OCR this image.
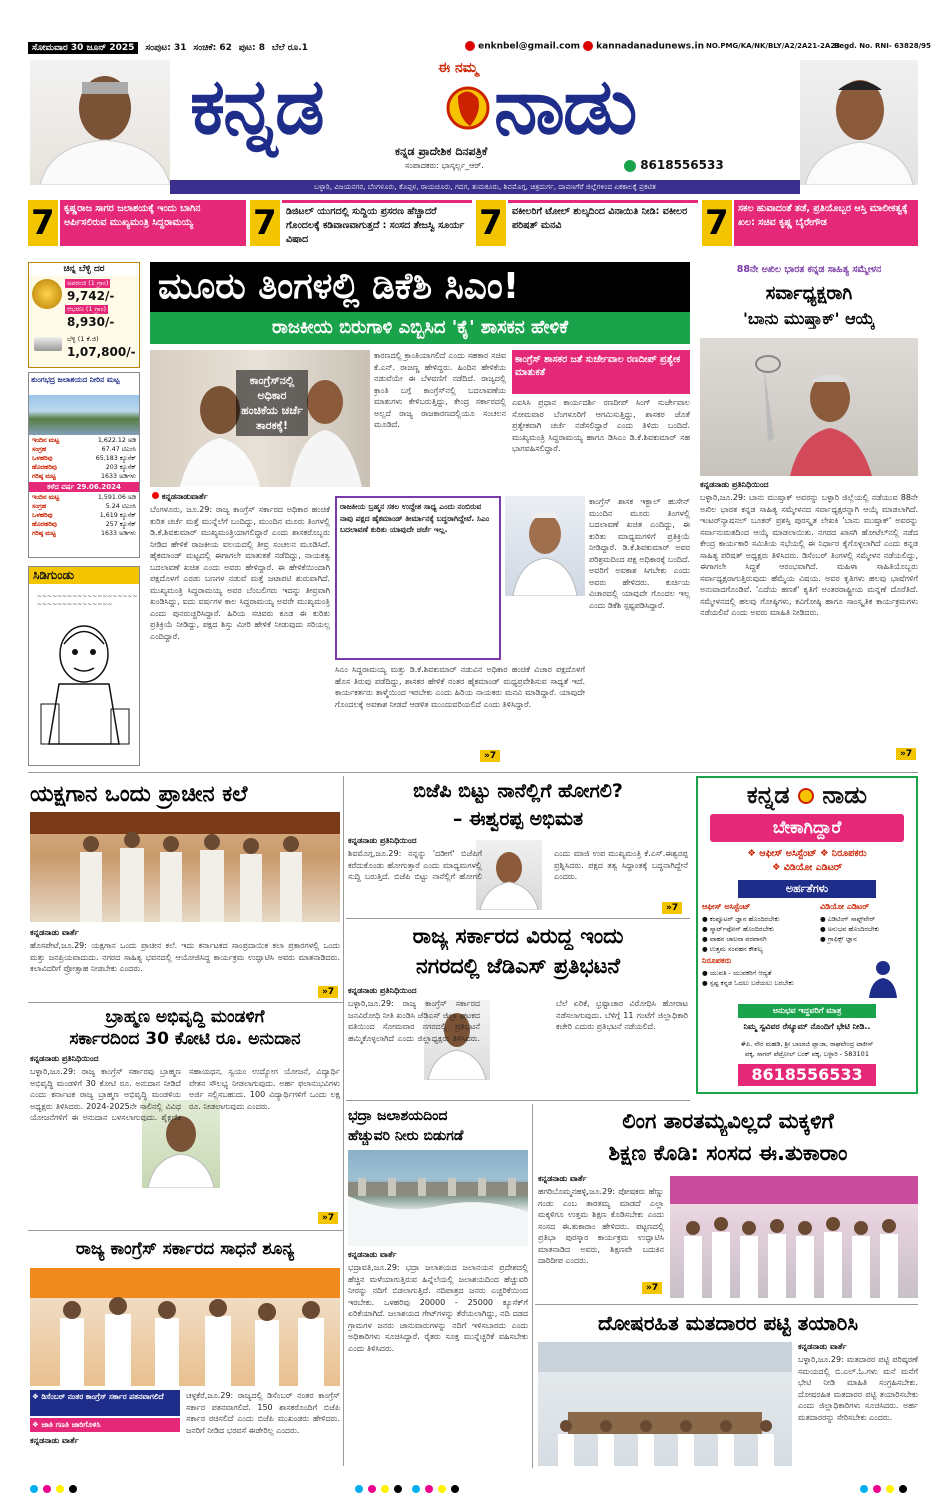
ಸೋಮವಾರ 30 ಜೂನ್ 2025 ಸಂಪುಟ: 31 ಸಂಚಿಕೆ: 62 ಪುಟ: 8 ಬೆಲೆ ರೂ.1	enknbel@gmail.com	kannadanadunews.in NO.PMG/KA/NK/BLY/A2/2A21-2A23
Regd. No. RNI- 63828/95
ಕನ್ನಡ	ಈ ನಮ್ಮ ನಾಡು
ಕನ್ನಡ ಪ್ರಾದೇಶಿಕ ದಿನಪತ್ರಿಕೆ
ಸಂಪಾದಕರು: ಭಾಸ್ಕರ್ಲ್ಲ_ಆರ್.	8618556533
ಬಳ್ಳಾರಿ, ವಿಜಯನಗರ, ಬೆಂಗಳೂರು, ಕೊಪ್ಪಳ, ರಾಯಚೂರು, ಗದಗ, ತುಮಕೂರು, ಶಿವಮೊಗ್ಗ, ಚಿತ್ರದುರ್ಗ, ದಾವಣಗೆರೆ ಜಿಲ್ಲೆಗಳಿಂದ ಏಕಕಾಲಕ್ಕೆ ಪ್ರಕಟಿತ
7 ಕೃಷ್ಣರಾಜ ಸಾಗರ ಜಲಾಶಯಕ್ಕೆ ಇಂದು ಬಾಗಿನ ಅರ್ಪಿಸಲಿರುವ ಮುಖ್ಯಮಂತ್ರಿ ಸಿದ್ದರಾಮಯ್ಯ	7 ಡಿಜಿಟಲ್ ಯುಗದಲ್ಲಿ ಸುದ್ದಿಯ ಪ್ರಸರಣ ಹೆಚ್ಚಾದರೆ ಗೊಂದಲಕ್ಕೆ ಕಡಿವಾಣವಾಗುತ್ತದೆ : ಸಂಸದ ತೇಜಸ್ವಿ ಸೂರ್ಯ ವಿಷಾದ	7 ವಕೀಲರಿಗೆ ಟೋಲ್ ಶುಲ್ಕದಿಂದ ವಿನಾಯಿತಿ ನೀಡಿ: ವಕೀಲರ ಪರಿಷತ್ ಮನವಿ	7 ಸಕಲ ಹುವಾದಂತೆ ತಡೆ, ಪ್ರತಿಯೊಬ್ಬರ ಆಸ್ತಿ ಮಾಲೀಕತ್ವಕ್ಕೆ ಖಲ: ಸಚಿವ ಕೃಷ್ಣ ಬೈರೇಗೌಡ
ಚಿನ್ನ ಬೆಳ್ಳಿ ದರ
ಅಪರಂಜಿ (1 ಗ್ರಾಂ)
9,742/-
ಆಭರಣ (1 ಗ್ರಾಂ)
8,930/-
ಬೆಳ್ಳಿ (1 ಕೆ.ಜಿ)
1,07,800/-
ತುಂಗಭದ್ರ ಜಲಾಶಯದ ನೀರಿನ ಮಟ್ಟ
ಇಂದಿನ ಮಟ್ಟ	1,622.12 ಅಡಿ
ಸಂಗ್ರಹ	67.47 ಟಿಎಂಸಿ
ಒಳಹರಿವು	65,183 ಕ್ಯೂಸೆಕ್
ಹೊರಹರಿವು	203 ಕ್ಯೂಸೆಕ್
ಗರಿಷ್ಠ ಮಟ್ಟ	1633 ಅಡಿಗಳು
ಕಳೆದ ವರ್ಷ 29.06.2024
ಇಂದಿನ ಮಟ್ಟ	1,591.06 ಅಡಿ
ಸಂಗ್ರಹ	5.24 ಟಿಎಂಸಿ
ಒಳಹರಿವು	1,619 ಕ್ಯೂಸೆಕ್
ಹೊರಹರಿವು	257 ಕ್ಯೂಸೆಕ್
ಗರಿಷ್ಠ ಮಟ್ಟ	1633 ಅಡಿಗಳು
ಸಿಡಿಗುಂಡು
~~~~~~~~~~~~~~~~~~~~
~~~~~~~~~~~~~~~
ಮೂರು ತಿಂಗಳಲ್ಲಿ ಡಿಕೆಶಿ ಸಿಎಂ!
ರಾಜಕೀಯ ಬಿರುಗಾಳಿ ಎಬ್ಬಿಸಿದ 'ಕೈ' ಶಾಸಕನ ಹೇಳಿಕೆ
ಕಾಂಗ್ರೆಸ್‌ನಲ್ಲಿ ಅಧಿಕಾರ ಹಂಚಿಕೆಯ ಚರ್ಚೆ ತಾರಕಕ್ಕೆ!
ಕನ್ನಡನಾಡುವಾರ್ತೆ
ಬೆಂಗಳೂರು, ಜೂ.29: ರಾಜ್ಯ ಕಾಂಗ್ರೆಸ್ ಸರ್ಕಾರದ ಅಧಿಕಾರ ಹಂಚಿಕೆ ಕುರಿತ ಚರ್ಚೆ ಮತ್ತೆ ಮುನ್ನೆಲೆಗೆ ಬಂದಿದ್ದು, ಮುಂದಿನ ಮೂರು ತಿಂಗಳಲ್ಲಿ ಡಿ.ಕೆ.ಶಿವಕುಮಾರ್ ಮುಖ್ಯಮಂತ್ರಿಯಾಗಲಿದ್ದಾರೆ ಎಂದು ಶಾಸಕರೊಬ್ಬರು ನೀಡಿದ ಹೇಳಿಕೆ ರಾಜಕೀಯ ವಲಯದಲ್ಲಿ ತೀವ್ರ ಸಂಚಲನ ಮೂಡಿಸಿದೆ. ಹೈಕಮಾಂಡ್ ಮಟ್ಟದಲ್ಲಿ ಈಗಾಗಲೇ ಮಾತುಕತೆ ನಡೆದಿದ್ದು, ನಾಯಕತ್ವ ಬದಲಾವಣೆ ಖಚಿತ ಎಂದು ಅವರು ಹೇಳಿದ್ದಾರೆ. ಈ ಹೇಳಿಕೆಯಿಂದಾಗಿ ಪಕ್ಷದೊಳಗೆ ಎರಡು ಬಣಗಳ ನಡುವೆ ಮತ್ತೆ ಜಟಾಪಟಿ ಶುರುವಾಗಿದೆ. ಮುಖ್ಯಮಂತ್ರಿ ಸಿದ್ದರಾಮಯ್ಯ ಅವರ ಬೆಂಬಲಿಗರು ಇದನ್ನು ತೀವ್ರವಾಗಿ ಖಂಡಿಸಿದ್ದು, ಐದು ವರ್ಷಗಳ ಕಾಲ ಸಿದ್ದರಾಮಯ್ಯ ಅವರೇ ಮುಖ್ಯಮಂತ್ರಿ ಎಂದು ಪುನರುಚ್ಚರಿಸಿದ್ದಾರೆ. ಹಿರಿಯ ಸಚಿವರು ಕೂಡ ಈ ಕುರಿತು ಪ್ರತಿಕ್ರಿಯೆ ನೀಡಿದ್ದು, ಪಕ್ಷದ ಶಿಸ್ತು ಮೀರಿ ಹೇಳಿಕೆ ನೀಡುವುದು ಸರಿಯಲ್ಲ ಎಂದಿದ್ದಾರೆ.
ಕಾರಣದಲ್ಲಿ ಕ್ರಾಂತಿಯಾಗಲಿದೆ ಎಂದು ಸಹಕಾರ ಸಚಿವ ಕೆ.ಎನ್. ರಾಜಣ್ಣ ಹೇಳಿದ್ದರು. ಹಿಂದಿನ ಹೇಳಿಕೆಯ ನಡುವೆಯೇ ಈ ಬೆಳವಣಿಗೆ ನಡೆದಿದೆ. ರಾಜ್ಯದಲ್ಲಿ ಕ್ರಾಂತಿ ಬಗ್ಗೆ ಕಾಂಗ್ರೆಸ್‌ನಲ್ಲಿ ಬದಲಾವಣೆಯ ಮಾತುಗಳು ಕೇಳಿಬರುತ್ತಿದ್ದು, ಕೇಂದ್ರ ಸರ್ಕಾರದಲ್ಲಿ ಅಲ್ಲದೆ ರಾಜ್ಯ ರಾಜಕಾರಣದಲ್ಲಿಯೂ ಸಂಚಲನ ಮೂಡಿದೆ.
ಕಾಂಗ್ರೆಸ್ ಶಾಸಕರ ಜತೆ ಸುರ್ಜೇವಾಲ ರಣದೀಪ್ ಪ್ರತ್ಯೇಕ ಮಾತುಕತೆ
ಎಐಸಿಸಿ ಪ್ರಧಾನ ಕಾರ್ಯದರ್ಶಿ ರಣದೀಪ್ ಸಿಂಗ್ ಸುರ್ಜೇವಾಲ ಸೋಮವಾರ ಬೆಂಗಳೂರಿಗೆ ಆಗಮಿಸುತ್ತಿದ್ದು, ಶಾಸಕರ ಜೊತೆ ಪ್ರತ್ಯೇಕವಾಗಿ ಚರ್ಚೆ ನಡೆಸಲಿದ್ದಾರೆ ಎಂದು ತಿಳಿದು ಬಂದಿದೆ. ಮುಖ್ಯಮಂತ್ರಿ ಸಿದ್ದರಾಮಯ್ಯ ಹಾಗೂ ಡಿಸಿಎಂ ಡಿ.ಕೆ.ಶಿವಕುಮಾರ್ ಸಹ ಭಾಗವಹಿಸಲಿದ್ದಾರೆ.
ರಾಜಕೀಯ ಬ್ರಹ್ಮನ ಸಕಲ ಉದ್ದೇಶ ಸಾಧ್ಯ ಎಂದು ನಂಬಿರುವ ನಾವು ಪಕ್ಷದ ಹೈಕಮಾಂಡ್ ತೀರ್ಮಾನಕ್ಕೆ ಬದ್ಧರಾಗಿದ್ದೇವೆ. ಸಿಎಂ ಬದಲಾವಣೆ ಕುರಿತು ಯಾವುದೇ ಚರ್ಚೆ ಇಲ್ಲ.
ಕಾಂಗ್ರೆಸ್ ಶಾಸಕ ಇಕ್ಬಾಲ್ ಹುಸೇನ್ ಮುಂದಿನ ಮೂರು ತಿಂಗಳಲ್ಲಿ ಬದಲಾವಣೆ ಖಚಿತ ಎಂದಿದ್ದು, ಈ ಕುರಿತು ಮಾಧ್ಯಮಗಳಿಗೆ ಪ್ರತಿಕ್ರಿಯೆ ನೀಡಿದ್ದಾರೆ. ಡಿ.ಕೆ.ಶಿವಕುಮಾರ್ ಅವರ ಪರಿಶ್ರಮದಿಂದ ಪಕ್ಷ ಅಧಿಕಾರಕ್ಕೆ ಬಂದಿದೆ. ಅವರಿಗೆ ಅವಕಾಶ ಸಿಗಬೇಕು ಎಂದು ಅವರು ಹೇಳಿದರು. ಕುರ್ಚಿಯ ವಿಚಾರದಲ್ಲಿ ಯಾವುದೇ ಗೊಂದಲ ಇಲ್ಲ ಎಂದು ಡಿಕೆಶಿ ಸ್ಪಷ್ಟಪಡಿಸಿದ್ದಾರೆ.
ಸಿಎಂ ಸಿದ್ದರಾಮಯ್ಯ ಮತ್ತು ಡಿ.ಕೆ.ಶಿವಕುಮಾರ್ ನಡುವಿನ ಅಧಿಕಾರ ಹಂಚಿಕೆ ವಿಚಾರ ಪಕ್ಷದೊಳಗೆ ಹೊಸ ತಿರುವು ಪಡೆದಿದ್ದು, ಶಾಸಕರ ಹೇಳಿಕೆ ನಂತರ ಹೈಕಮಾಂಡ್ ಮಧ್ಯಪ್ರವೇಶಿಸುವ ಸಾಧ್ಯತೆ ಇದೆ. ಕಾರ್ಯಕರ್ತರು ತಾಳ್ಮೆಯಿಂದ ಇರಬೇಕು ಎಂದು ಹಿರಿಯ ನಾಯಕರು ಮನವಿ ಮಾಡಿದ್ದಾರೆ. ಯಾವುದೇ ಗೊಂದಲಕ್ಕೆ ಅವಕಾಶ ನೀಡದೆ ಆಡಳಿತ ಮುಂದುವರಿಯಲಿದೆ ಎಂದು ತಿಳಿಸಿದ್ದಾರೆ.
»7
88ನೇ ಅಖಿಲ ಭಾರತ ಕನ್ನಡ ಸಾಹಿತ್ಯ ಸಮ್ಮೇಳನ
ಸರ್ವಾಧ್ಯಕ್ಷರಾಗಿ
'ಬಾನು ಮುಷ್ತಾಕ್' ಆಯ್ಕೆ
ಕನ್ನಡನಾಡು ಪ್ರತಿನಿಧಿಯಿಂದ
ಬಳ್ಳಾರಿ,ಜೂ.29: ಬಾನು ಮುಷ್ತಾಕ್ ಅವರನ್ನು ಬಳ್ಳಾರಿ ಜಿಲ್ಲೆಯಲ್ಲಿ ನಡೆಯುವ 88ನೇ ಅಖಿಲ ಭಾರತ ಕನ್ನಡ ಸಾಹಿತ್ಯ ಸಮ್ಮೇಳನದ ಸರ್ವಾಧ್ಯಕ್ಷರನ್ನಾಗಿ ಆಯ್ಕೆ ಮಾಡಲಾಗಿದೆ. ಇಂಟರ್‌ನ್ಯಾಷನಲ್ ಬೂಕರ್ ಪ್ರಶಸ್ತಿ ಪುರಸ್ಕೃತ ಲೇಖಕಿ 'ಬಾನು ಮುಷ್ತಾಕ್' ಅವರನ್ನು ಸರ್ವಾನುಮತದಿಂದ ಆಯ್ಕೆ ಮಾಡಲಾಯಿತು. ನಗರದ ಖಾಸಗಿ ಹೋಟೆಲ್‌ನಲ್ಲಿ ನಡೆದ ಕೇಂದ್ರ ಕಾರ್ಯಕಾರಿ ಸಮಿತಿಯ ಸಭೆಯಲ್ಲಿ ಈ ನಿರ್ಧಾರ ಕೈಗೊಳ್ಳಲಾಗಿದೆ ಎಂದು ಕನ್ನಡ ಸಾಹಿತ್ಯ ಪರಿಷತ್ ಅಧ್ಯಕ್ಷರು ತಿಳಿಸಿದರು. ಡಿಸೆಂಬರ್ ತಿಂಗಳಲ್ಲಿ ಸಮ್ಮೇಳನ ನಡೆಯಲಿದ್ದು, ಈಗಾಗಲೇ ಸಿದ್ಧತೆ ಆರಂಭವಾಗಿದೆ. ಮಹಿಳಾ ಸಾಹಿತಿಯೊಬ್ಬರು ಸರ್ವಾಧ್ಯಕ್ಷರಾಗುತ್ತಿರುವುದು ಹೆಮ್ಮೆಯ ವಿಷಯ. ಅವರ ಕೃತಿಗಳು ಹಲವು ಭಾಷೆಗಳಿಗೆ ಅನುವಾದಗೊಂಡಿವೆ. 'ಎದೆಯ ಹಣತೆ' ಕೃತಿಗೆ ಅಂತರರಾಷ್ಟ್ರೀಯ ಮನ್ನಣೆ ದೊರೆತಿದೆ. ಸಮ್ಮೇಳನದಲ್ಲಿ ಹಲವು ಗೋಷ್ಠಿಗಳು, ಕವಿಗೋಷ್ಠಿ ಹಾಗೂ ಸಾಂಸ್ಕೃತಿಕ ಕಾರ್ಯಕ್ರಮಗಳು ನಡೆಯಲಿವೆ ಎಂದು ಅವರು ಮಾಹಿತಿ ನೀಡಿದರು.
»7
ಯಕ್ಷಗಾನ ಒಂದು ಪ್ರಾಚೀನ ಕಲೆ
ಕನ್ನಡನಾಡು ವಾರ್ತೆ
ಹೊಸಪೇಟೆ,ಜೂ.29: ಯಕ್ಷಗಾನ ಒಂದು ಪ್ರಾಚೀನ ಕಲೆ. ಇದು ಕರ್ನಾಟಕದ ಸಾಂಪ್ರದಾಯಿಕ ಕಲಾ ಪ್ರಕಾರಗಳಲ್ಲಿ ಒಂದು ಮತ್ತು ಜನಪ್ರಿಯವಾದುದು. ನಗರದ ಸಾಹಿತ್ಯ ಭವನದಲ್ಲಿ ಆಯೋಜಿಸಿದ್ದ ಕಾರ್ಯಕ್ರಮ ಉದ್ಘಾಟಿಸಿ ಅವರು ಮಾತನಾಡಿದರು. ಕಲಾವಿದರಿಗೆ ಪ್ರೋತ್ಸಾಹ ನೀಡಬೇಕು ಎಂದರು.
»7
ಬ್ರಾಹ್ಮಣ ಅಭಿವೃದ್ಧಿ ಮಂಡಳಿಗೆ
ಸರ್ಕಾರದಿಂದ 30 ಕೋಟಿ ರೂ. ಅನುದಾನ
ಕನ್ನಡನಾಡು ಪ್ರತಿನಿಧಿಯಿಂದ
ಬಳ್ಳಾರಿ,ಜೂ.29: ರಾಜ್ಯ ಕಾಂಗ್ರೆಸ್ ಸರ್ಕಾರವು ಬ್ರಾಹ್ಮಣ ಅಭಿವೃದ್ಧಿ ಮಂಡಳಿಗೆ 30 ಕೋಟಿ ರೂ. ಅನುದಾನ ನೀಡಿದೆ ಎಂದು ಕರ್ನಾಟಕ ರಾಜ್ಯ ಬ್ರಾಹ್ಮಣ ಅಭಿವೃದ್ಧಿ ಮಂಡಳಿಯ ಅಧ್ಯಕ್ಷರು ತಿಳಿಸಿದರು. 2024-2025ನೇ ಸಾಲಿನಲ್ಲಿ ವಿವಿಧ ಯೋಜನೆಗಳಿಗೆ ಈ ಅನುದಾನ ಬಳಸಲಾಗುವುದು. ಶೈಕ್ಷಣಿಕ ಸಹಾಯಧನ, ಸ್ವಯಂ ಉದ್ಯೋಗ ಯೋಜನೆ, ವಿದ್ಯಾರ್ಥಿ ವೇತನ ಸೌಲಭ್ಯ ನೀಡಲಾಗುವುದು. ಅರ್ಹ ಫಲಾನುಭವಿಗಳು ಅರ್ಜಿ ಸಲ್ಲಿಸಬಹುದು. 100 ವಿದ್ಯಾರ್ಥಿಗಳಿಗೆ ಒಂದು ಲಕ್ಷ ರೂ. ನೀಡಲಾಗುವುದು ಎಂದರು.
»7
ರಾಜ್ಯ ಕಾಂಗ್ರೆಸ್ ಸರ್ಕಾರದ ಸಾಧನೆ ಶೂನ್ಯ
❖ ಡಿಸೆಂಬರ್ ನಂತರ ಕಾಂಗ್ರೆಸ್ ಸರ್ಕಾರ ಪತನವಾಗಲಿದೆ
❖ ಜಾತಿ ಗಣತಿ ಜಾರಿಗೊಳಿಸಿ
ಕನ್ನಡನಾಡು ವಾರ್ತೆ
ಚಳ್ಳಕೆರೆ,ಜೂ.29: ರಾಜ್ಯದಲ್ಲಿ ಡಿಸೆಂಬರ್ ನಂತರ ಕಾಂಗ್ರೆಸ್ ಸರ್ಕಾರ ಪತನವಾಗಲಿದೆ. 150 ಶಾಸಕರೊಂದಿಗೆ ಬಿಜೆಪಿ ಸರ್ಕಾರ ರಚಿಸಲಿದೆ ಎಂದು ಬಿಜೆಪಿ ಮುಖಂಡರು ಹೇಳಿದರು. ಜನರಿಗೆ ನೀಡಿದ ಭರವಸೆ ಈಡೇರಿಲ್ಲ ಎಂದರು.
ಬಿಜೆಪಿ ಬಿಟ್ಟು ನಾನೆಲ್ಲಿಗೆ ಹೋಗಲಿ?
– ಈಶ್ವರಪ್ಪ ಅಭಿಮತ
ಕನ್ನಡನಾಡು ಪ್ರತಿನಿಧಿಯಿಂದ
ಶಿವಮೊಗ್ಗ,ಜೂ.29: ನನ್ನನ್ನು 'ದಡೀಗೆ' ಬಿಜೆಪಿಗೆ ಕರೆದುಕೊಂಡು ಹೋಗುತ್ತಾರೆ ಎಂದು ಮಾಧ್ಯಮಗಳಲ್ಲಿ ಸುದ್ದಿ ಬರುತ್ತಿದೆ. ಬಿಜೆಪಿ ಬಿಟ್ಟು ನಾನೆಲ್ಲಿಗೆ ಹೋಗಲಿ ಎಂದು ಮಾಜಿ ಉಪ ಮುಖ್ಯಮಂತ್ರಿ ಕೆ.ಎಸ್.ಈಶ್ವರಪ್ಪ ಪ್ರಶ್ನಿಸಿದರು. ಪಕ್ಷದ ತತ್ವ ಸಿದ್ಧಾಂತಕ್ಕೆ ಬದ್ಧನಾಗಿದ್ದೇನೆ ಎಂದರು.
»7
ರಾಜ್ಯ ಸರ್ಕಾರದ ವಿರುದ್ಧ ಇಂದು
ನಗರದಲ್ಲಿ ಜೆಡಿಎಸ್ ಪ್ರತಿಭಟನೆ
ಕನ್ನಡನಾಡು ಪ್ರತಿನಿಧಿಯಿಂದ
ಬಳ್ಳಾರಿ,ಜೂ.29: ರಾಜ್ಯ ಕಾಂಗ್ರೆಸ್ ಸರ್ಕಾರದ ಜನವಿರೋಧಿ ನೀತಿ ಖಂಡಿಸಿ ಜೆಡಿಎಸ್ ಜಿಲ್ಲಾ ಘಟಕದ ವತಿಯಿಂದ ಸೋಮವಾರ ನಗರದಲ್ಲಿ ಪ್ರತಿಭಟನೆ ಹಮ್ಮಿಕೊಳ್ಳಲಾಗಿದೆ ಎಂದು ಜಿಲ್ಲಾಧ್ಯಕ್ಷರು ತಿಳಿಸಿದರು. ಬೆಲೆ ಏರಿಕೆ, ಭ್ರಷ್ಟಾಚಾರ ವಿರೋಧಿಸಿ ಹೋರಾಟ ನಡೆಸಲಾಗುವುದು. ಬೆಳಿಗ್ಗೆ 11 ಗಂಟೆಗೆ ಜಿಲ್ಲಾಧಿಕಾರಿ ಕಚೇರಿ ಎದುರು ಪ್ರತಿಭಟನೆ ನಡೆಯಲಿದೆ.
ಕನ್ನಡ ನಾಡು
ಬೇಕಾಗಿದ್ದಾರೆ
❖ ಆಫೀಸ್ ಅಸಿಸ್ಟೆಂಟ್ ❖ ನಿರೂಪಕರು
❖ ವಿಡಿಯೋ ಎಡಿಟರ್
ಅರ್ಹತೆಗಳು
ಆಫೀಸ್ ಅಸಿಸ್ಟೆಂಟ್
● ಕಂಪ್ಯೂಟರ್ ಜ್ಞಾನ ಹೊಂದಿರಬೇಕು
● ಸ್ಮಾರ್ಟ್‌ಫೋನ್ ಹೊಂದಿರಬೇಕು
● ವಾಹನ ಚಾಲನಾ ಪರವಾನಗಿ
● ಉತ್ತಮ ಸಂವಹನ ಕೌಶಲ್ಯ
ವಿಡಿಯೋ ಎಡಿಟರ್
● ಎಡಿಟಿಂಗ್ ಸಾಫ್ಟ್‌ವೇರ್
● ಅನುಭವ ಹೊಂದಿರಬೇಕು
● ಗ್ರಾಫಿಕ್ಸ್ ಜ್ಞಾನ
ನಿರೂಪಕರು
● ಯುವತಿ - ಯುವಕರಿಗೆ ಆದ್ಯತೆ
● ಸ್ಪಷ್ಟ ಕನ್ನಡ ಓದಲು ಬರೆಯಲು ಬರಬೇಕು
ಅನುಭವ ಇದ್ದವರಿಗೆ ಮಾತ್ರ
ನಿಮ್ಮ ಸ್ವವಿವರ ರೆಸ್ಯೂಮ್ ನೊಂದಿಗೆ ಭೇಟಿ ನೀಡಿ..
#ಪಿ. ನೇರ ಮಹಡಿ, ಶ್ರೀ ಬಾಲಾಜಿ ಪ್ಲಾಜಾ, ರಾಘವೇಂದ್ರ ಟಾಕೀಸ್
ಪಕ್ಕ, ಸಾಗರ್ ಪೆಟ್ರೋಲ್ ಬಂಕ್ ಪಕ್ಕ, ಬಳ್ಳಾರಿ - 583101
8618556533
ಭದ್ರಾ ಜಲಾಶಯದಿಂದ
ಹೆಚ್ಚುವರಿ ನೀರು ಬಿಡುಗಡೆ
ಕನ್ನಡನಾಡು ವಾರ್ತೆ
ಭದ್ರಾವತಿ,ಜೂ.29: ಭದ್ರಾ ಜಲಾಶಯದ ಜಲಾನಯನ ಪ್ರದೇಶದಲ್ಲಿ ಹೆಚ್ಚಿನ ಮಳೆಯಾಗುತ್ತಿರುವ ಹಿನ್ನೆಲೆಯಲ್ಲಿ ಜಲಾಶಯದಿಂದ ಹೆಚ್ಚುವರಿ ನೀರನ್ನು ನದಿಗೆ ಬಿಡಲಾಗುತ್ತಿದೆ. ನದಿಪಾತ್ರದ ಜನರು ಎಚ್ಚರಿಕೆಯಿಂದ ಇರಬೇಕು. ಒಳಹರಿವು 20000 - 25000 ಕ್ಯೂಸೆಕ್‌ಗೆ ಏರಿಕೆಯಾಗಿದೆ. ಜಲಾಶಯದ ಗೇಟ್‌ಗಳನ್ನು ತೆರೆಯಲಾಗಿದ್ದು, ನದಿ ದಡದ ಗ್ರಾಮಗಳ ಜನರು ಜಾನುವಾರುಗಳನ್ನು ನದಿಗೆ ಇಳಿಸಬಾರದು ಎಂದು ಅಧಿಕಾರಿಗಳು ಸೂಚಿಸಿದ್ದಾರೆ. ರೈತರು ಸೂಕ್ತ ಮುನ್ನೆಚ್ಚರಿಕೆ ವಹಿಸಬೇಕು ಎಂದು ತಿಳಿಸಿದರು.
ಲಿಂಗ ತಾರತಮ್ಯವಿಲ್ಲದೆ ಮಕ್ಕಳಿಗೆ
ಶಿಕ್ಷಣ ಕೊಡಿ: ಸಂಸದ ಈ.ತುಕಾರಾಂ
ಕನ್ನಡನಾಡು ವಾರ್ತೆ
ಹಗರಿಬೊಮ್ಮನಹಳ್ಳಿ,ಜೂ.29: ಪೋಷಕರು ಹೆಣ್ಣು ಗಂಡು ಎಂಬ ತಾರತಮ್ಯ ಮಾಡದೆ ಎಲ್ಲಾ ಮಕ್ಕಳಿಗೂ ಉತ್ತಮ ಶಿಕ್ಷಣ ಕೊಡಿಸಬೇಕು ಎಂದು ಸಂಸದ ಈ.ತುಕಾರಾಂ ಹೇಳಿದರು. ಪಟ್ಟಣದಲ್ಲಿ ಪ್ರತಿಭಾ ಪುರಸ್ಕಾರ ಕಾರ್ಯಕ್ರಮ ಉದ್ಘಾಟಿಸಿ ಮಾತನಾಡಿದ ಅವರು, ಶಿಕ್ಷಣವೇ ಬದುಕಿನ ದಾರಿದೀಪ ಎಂದರು.
»7
ದೋಷರಹಿತ ಮತದಾರರ ಪಟ್ಟಿ ತಯಾರಿಸಿ
ಕನ್ನಡನಾಡು ವಾರ್ತೆ
ಬಳ್ಳಾರಿ,ಜೂ.29: ಮತದಾರರ ಪಟ್ಟಿ ಪರಿಷ್ಕರಣೆ ಸಮಯದಲ್ಲಿ ಬಿ.ಎಲ್.ಓ.ಗಳು ಮನೆ ಮನೆಗೆ ಭೇಟಿ ನೀಡಿ ಮಾಹಿತಿ ಸಂಗ್ರಹಿಸಬೇಕು. ದೋಷರಹಿತ ಮತದಾರರ ಪಟ್ಟಿ ತಯಾರಿಸಬೇಕು ಎಂದು ಜಿಲ್ಲಾಧಿಕಾರಿಗಳು ಸೂಚಿಸಿದರು. ಅರ್ಹ ಮತದಾರರನ್ನು ಸೇರಿಸಬೇಕು ಎಂದರು.
